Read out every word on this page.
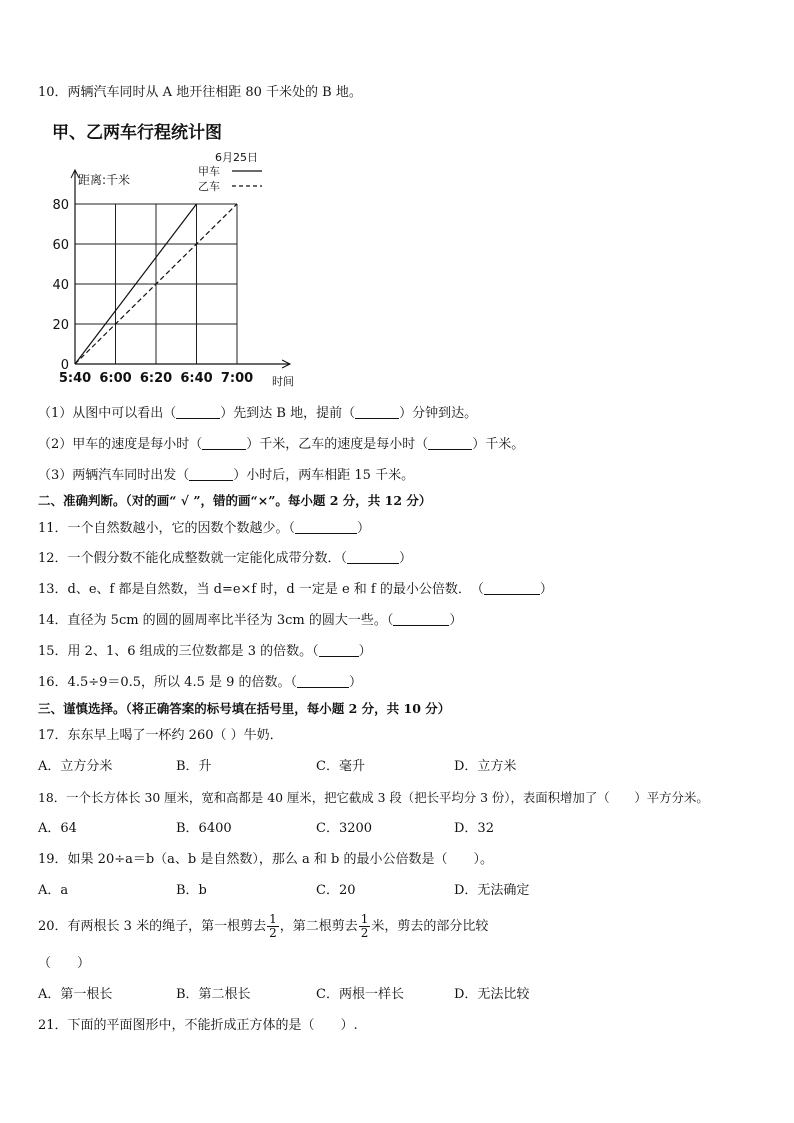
10．两辆汽车同时从 A 地开往相距 80 千米处的 B 地。
甲、乙两车行程统计图
6月25日
甲车
乙车
距离:千米
0
20
40
60
80
5:40 6:00 6:20 6:40 7:00 时间
（1）从图中可以看出（	）先到达 B 地，提前（	）分钟到达。
（2）甲车的速度是每小时（	）千米，乙车的速度是每小时（	）千米。
（3）两辆汽车同时出发（	）小时后，两车相距 15 千米。
二、准确判断。（对的画“ √ ”，错的画“×”。每小题 2 分，共 12 分）
11．一个自然数越小，它的因数个数越少。（	）
12．一个假分数不能化成整数就一定能化成带分数．（	）
13．d、e、f 都是自然数，当 d=e×f 时，d 一定是 e 和 f 的最小公倍数．　（	）
14．直径为 5cm 的圆的圆周率比半径为 3cm 的圆大一些。（	）
15．用 2、1、6 组成的三位数都是 3 的倍数。（	）
16．4.5÷9＝0.5，所以 4.5 是 9 的倍数。（	）
三、谨慎选择。（将正确答案的标号填在括号里，每小题 2 分，共 10 分）
17．东东早上喝了一杯约 260（ ）牛奶．
A．立方分米	B．升	C．毫升	D．立方米
18．一个长方体长 30 厘米，宽和高都是 40 厘米，把它截成 3 段（把长平均分 3 份），表面积增加了（　　）平方分米。
A．64	B．6400	C．3200	D．32
19．如果 20÷a＝b（a、b 是自然数），那么 a 和 b 的最小公倍数是（　　）。
A．a	B．b	C．20	D．无法确定
20．有两根长 3 米的绳子，第一根剪去 $\frac{1}{2}$ ，第二根剪去 $\frac{1}{2}$ 米，剪去的部分比较
（　　）
A．第一根长	B．第二根长	C．两根一样长	D．无法比较
21．下面的平面图形中，不能折成正方体的是（　　）.
